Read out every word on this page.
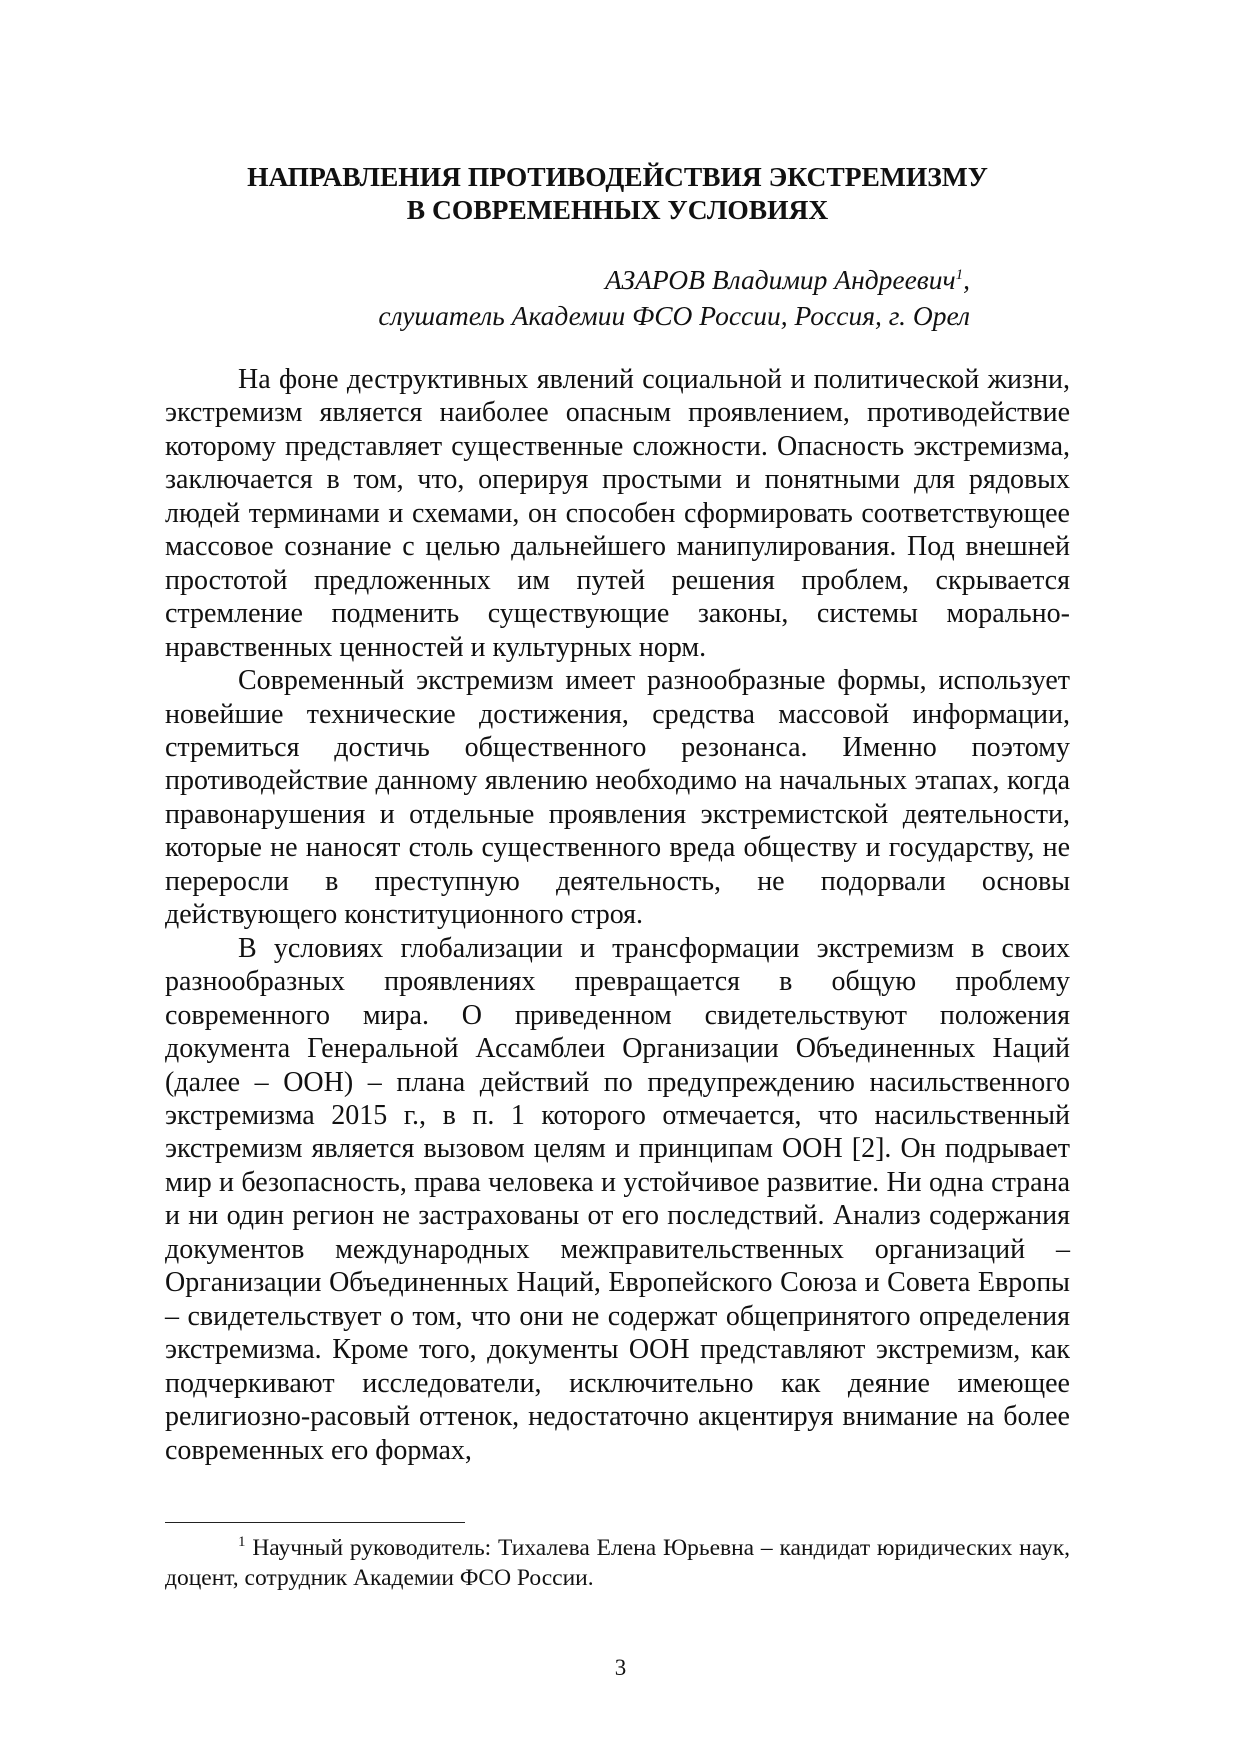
НАПРАВЛЕНИЯ ПРОТИВОДЕЙСТВИЯ ЭКСТРЕМИЗМУ
В СОВРЕМЕННЫХ УСЛОВИЯХ
АЗАРОВ Владимир Андреевич$^1$,
слушатель Академии ФСО России, Россия, г. Орел

На фоне деструктивных явлений социальной и политической жизни, экстремизм является наиболее опасным проявлением, противодействие которому представляет существенные сложности. Опасность экстремизма, заключается в том, что, оперируя простыми и понятными для рядовых людей терминами и схемами, он способен сформировать соответствующее массовое сознание с целью дальнейшего манипулирования. Под внешней простотой предложенных им путей решения проблем, скрывается стремление подменить существующие законы, системы морально-нравственных ценностей и культурных норм.

Современный экстремизм имеет разнообразные формы, использует новейшие технические достижения, средства массовой информации, стремиться достичь общественного резонанса. Именно поэтому противодействие данному явлению необходимо на начальных этапах, когда правонарушения и отдельные проявления экстремистской деятельности, которые не наносят столь существенного вреда обществу и государству, не переросли в преступную деятельность, не подорвали основы действующего конституционного строя.

В условиях глобализации и трансформации экстремизм в своих разнообразных проявлениях превращается в общую проблему современного мира. О приведенном свидетельствуют положения документа Генеральной Ассамблеи Организации Объединенных Наций (далее – ООН) – плана действий по предупреждению насильственного экстремизма 2015 г., в п. 1 которого отмечается, что насильственный экстремизм является вызовом целям и принципам ООН [2]. Он подрывает мир и безопасность, права человека и устойчивое развитие. Ни одна страна и ни один регион не застрахованы от его последствий. Анализ содержания документов международных межправительственных организаций – Организации Объединенных Наций, Европейского Союза и Совета Европы – свидетельствует о том, что они не содержат общепринятого определения экстремизма. Кроме того, документы ООН представляют экстремизм, как подчеркивают исследователи, исключительно как деяние имеющее религиозно-расовый оттенок, недостаточно акцентируя внимание на более современных его формах,

$^1$ Научный руководитель: Тихалева Елена Юрьевна – кандидат юридических наук, доцент, сотрудник Академии ФСО России.
3
